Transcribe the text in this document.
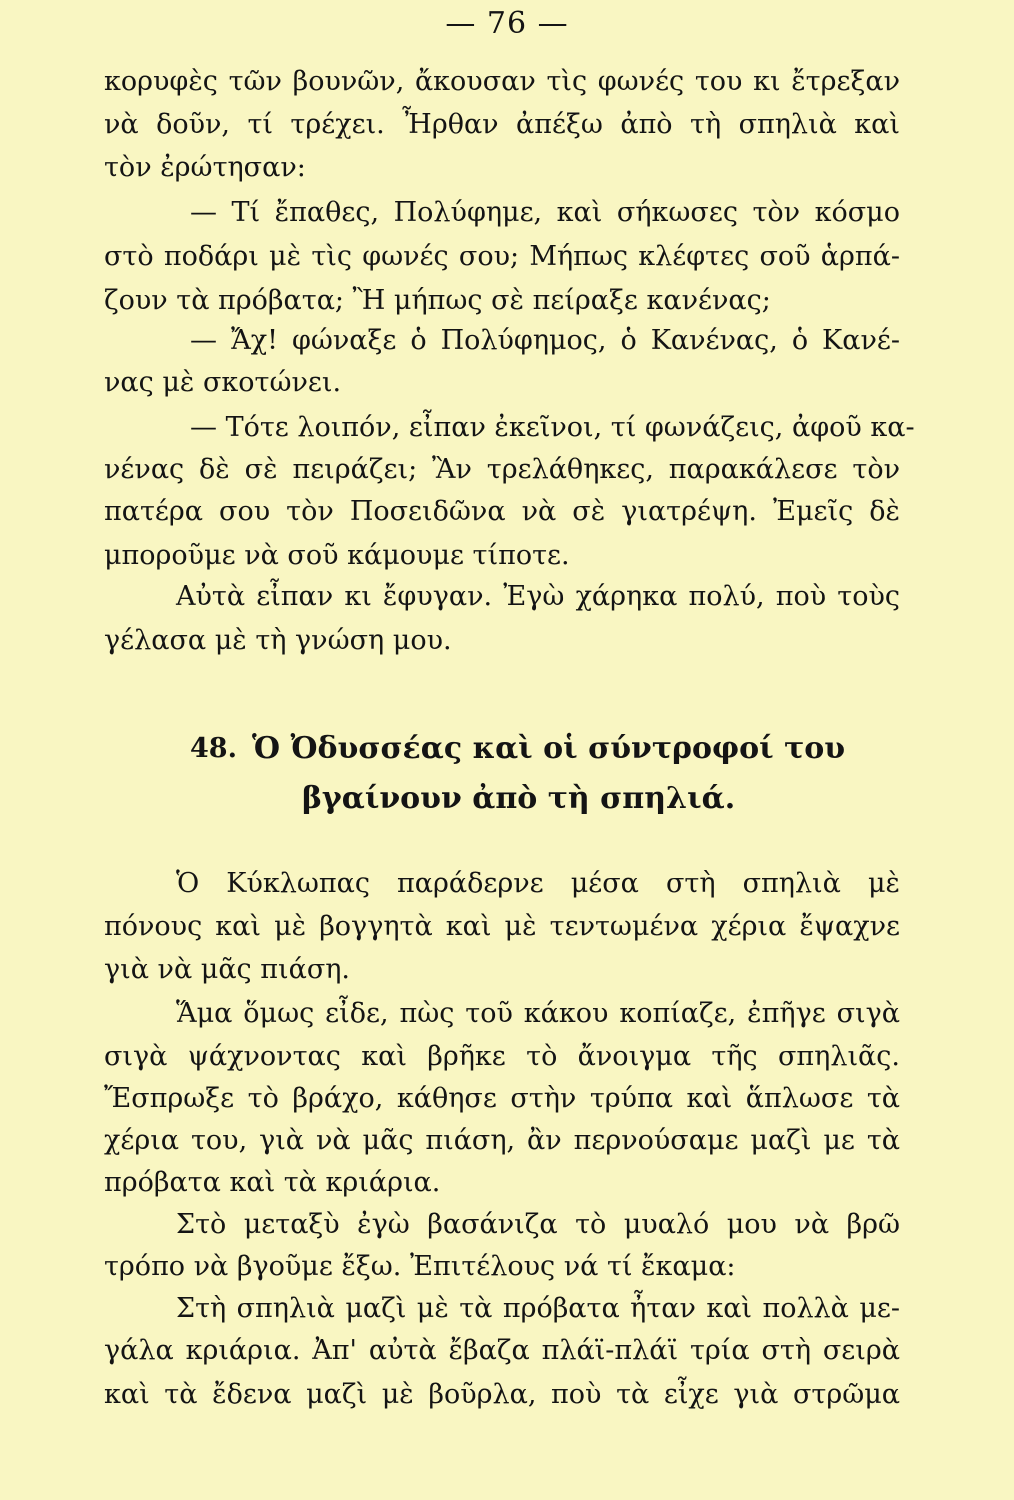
— 76 —
κορυφὲς τῶν βουνῶν, ἄκουσαν τὶς φωνές του κι ἔτρεξαν
νὰ δοῦν, τί τρέχει. Ἦρθαν ἀπέξω ἀπὸ τὴ σπηλιὰ καὶ
τὸν ἐρώτησαν:
— Τί ἔπαθες, Πολύφημε, καὶ σήκωσες τὸν κόσμο
στὸ ποδάρι μὲ τὶς φωνές σου; Μήπως κλέφτες σοῦ ἁρπά-
ζουν τὰ πρόβατα; Ἢ μήπως σὲ πείραξε κανένας;
— Ἄχ! φώναξε ὁ Πολύφημος, ὁ Κανένας, ὁ Κανέ-
νας μὲ σκοτώνει.
— Τότε λοιπόν, εἶπαν ἐκεῖνοι, τί φωνάζεις, ἀφοῦ κα-
νένας δὲ σὲ πειράζει; Ἂν τρελάθηκες, παρακάλεσε τὸν
πατέρα σου τὸν Ποσειδῶνα νὰ σὲ γιατρέψη. Ἐμεῖς δὲ
μποροῦμε νὰ σοῦ κάμουμε τίποτε.
Αὐτὰ εἶπαν κι ἔφυγαν. Ἐγὼ χάρηκα πολύ, ποὺ τοὺς
γέλασα μὲ τὴ γνώση μου.
48. Ὁ Ὀδυσσέας καὶ οἱ σύντροφοί του
βγαίνουν ἀπὸ τὴ σπηλιά.
Ὁ Κύκλωπας παράδερνε μέσα στὴ σπηλιὰ μὲ
πόνους καὶ μὲ βογγητὰ καὶ μὲ τεντωμένα χέρια ἔψαχνε
γιὰ νὰ μᾶς πιάση.
Ἅμα ὅμως εἶδε, πὼς τοῦ κάκου κοπίαζε, ἐπῆγε σιγὰ
σιγὰ ψάχνοντας καὶ βρῆκε τὸ ἄνοιγμα τῆς σπηλιᾶς.
Ἔσπρωξε τὸ βράχο, κάθησε στὴν τρύπα καὶ ἅπλωσε τὰ
χέρια του, γιὰ νὰ μᾶς πιάση, ἂν περνούσαμε μαζὶ με τὰ
πρόβατα καὶ τὰ κριάρια.
Στὸ μεταξὺ ἐγὼ βασάνιζα τὸ μυαλό μου νὰ βρῶ
τρόπο νὰ βγοῦμε ἔξω. Ἐπιτέλους νά τί ἔκαμα:
Στὴ σπηλιὰ μαζὶ μὲ τὰ πρόβατα ἦταν καὶ πολλὰ με-
γάλα κριάρια. Ἀπ' αὐτὰ ἔβαζα πλάϊ-πλάϊ τρία στὴ σειρὰ
καὶ τὰ ἔδενα μαζὶ μὲ βοῦρλα, ποὺ τὰ εἶχε γιὰ στρῶμα
